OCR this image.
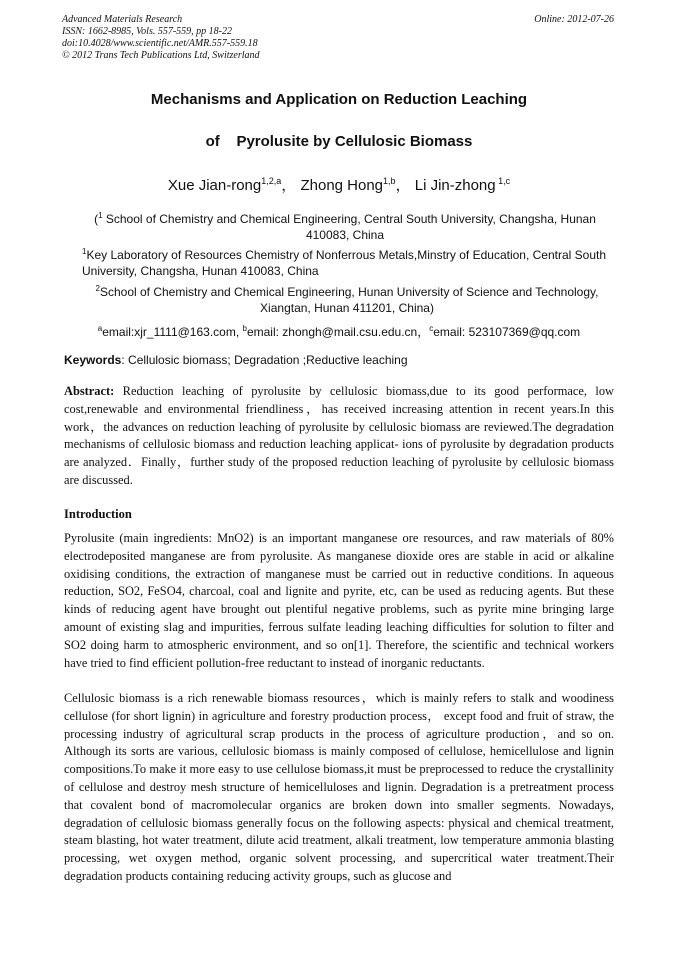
Advanced Materials Research
ISSN: 1662-8985, Vols. 557-559, pp 18-22
doi:10.4028/www.scientific.net/AMR.557-559.18
© 2012 Trans Tech Publications Ltd, Switzerland
Online: 2012-07-26
Mechanisms and Application on Reduction Leaching
of    Pyrolusite by Cellulosic Biomass
Xue Jian-rong$^{1,2,a}$， Zhong Hong$^{1,b}$， Li Jin-zhong $^{1,c}$
($^1$ School of Chemistry and Chemical Engineering, Central South University, Changsha, Hunan 410083, China
$^1$Key Laboratory of Resources Chemistry of Nonferrous Metals,Minstry of Education, Central South University, Changsha, Hunan 410083, China
$^2$School of Chemistry and Chemical Engineering, Hunan University of Science and Technology, Xiangtan, Hunan 411201, China)
$^a$email:xjr_1111@163.com, $^b$email: zhongh@mail.csu.edu.cn，$^c$email: 523107369@qq.com
Keywords: Cellulosic biomass; Degradation ;Reductive leaching
Abstract: Reduction leaching of pyrolusite by cellulosic biomass,due to its good performace, low cost,renewable and environmental friendliness，has received increasing attention in recent years.In this work，the advances on reduction leaching of pyrolusite by cellulosic biomass are reviewed.The degradation mechanisms of cellulosic biomass and reduction leaching applicat- ions of pyrolusite by degradation products are analyzed．Finally，further study of the proposed reduction leaching of pyrolusite by cellulosic biomass are discussed.
Introduction
Pyrolusite (main ingredients: MnO2) is an important manganese ore resources, and raw materials of 80% electrodeposited manganese are from pyrolusite. As manganese dioxide ores are stable in acid or alkaline oxidising conditions, the extraction of manganese must be carried out in reductive conditions. In aqueous reduction, SO2, FeSO4, charcoal, coal and lignite and pyrite, etc, can be used as reducing agents. But these kinds of reducing agent have brought out plentiful negative problems, such as pyrite mine bringing large amount of existing slag and impurities, ferrous sulfate leading leaching difficulties for solution to filter and SO2 doing harm to atmospheric environment, and so on[1]. Therefore, the scientific and technical workers have tried to find efficient pollution-free reductant to instead of inorganic reductants.
Cellulosic biomass is a rich renewable biomass resources，which is mainly refers to stalk and woodiness cellulose (for short lignin) in agriculture and forestry production process， except food and fruit of straw, the processing industry of agricultural scrap products in the process of agriculture production，and so on. Although its sorts are various, cellulosic biomass is mainly composed of cellulose, hemicellulose and lignin compositions.To make it more easy to use cellulose biomass,it must be preprocessed to reduce the crystallinity of cellulose and destroy mesh structure of hemicelluloses and lignin. Degradation is a pretreatment process that covalent bond of macromolecular organics are broken down into smaller segments. Nowadays, degradation of cellulosic biomass generally focus on the following aspects: physical and chemical treatment, steam blasting, hot water treatment, dilute acid treatment, alkali treatment, low temperature ammonia blasting processing, wet oxygen method, organic solvent processing, and supercritical water treatment.Their degradation products containing reducing activity groups, such as glucose and
